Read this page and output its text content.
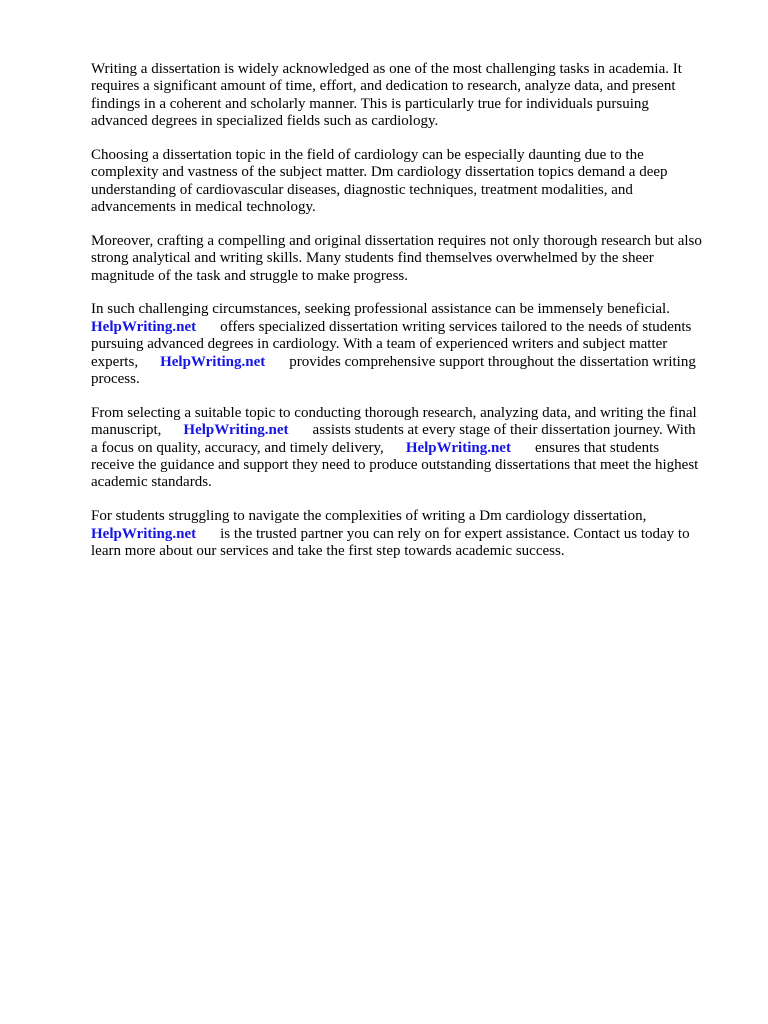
Writing a dissertation is widely acknowledged as one of the most challenging tasks in academia. It
requires a significant amount of time, effort, and dedication to research, analyze data, and present
findings in a coherent and scholarly manner. This is particularly true for individuals pursuing
advanced degrees in specialized fields such as cardiology.

Choosing a dissertation topic in the field of cardiology can be especially daunting due to the
complexity and vastness of the subject matter. Dm cardiology dissertation topics demand a deep
understanding of cardiovascular diseases, diagnostic techniques, treatment modalities, and
advancements in medical technology.

Moreover, crafting a compelling and original dissertation requires not only thorough research but also
strong analytical and writing skills. Many students find themselves overwhelmed by the sheer
magnitude of the task and struggle to make progress.

In such challenging circumstances, seeking professional assistance can be immensely beneficial.
HelpWriting.net offers specialized dissertation writing services tailored to the needs of students
pursuing advanced degrees in cardiology. With a team of experienced writers and subject matter
experts, HelpWriting.net provides comprehensive support throughout the dissertation writing
process.

From selecting a suitable topic to conducting thorough research, analyzing data, and writing the final
manuscript, HelpWriting.net assists students at every stage of their dissertation journey. With
a focus on quality, accuracy, and timely delivery, HelpWriting.net ensures that students
receive the guidance and support they need to produce outstanding dissertations that meet the highest
academic standards.

For students struggling to navigate the complexities of writing a Dm cardiology dissertation,
HelpWriting.net is the trusted partner you can rely on for expert assistance. Contact us today to
learn more about our services and take the first step towards academic success.
